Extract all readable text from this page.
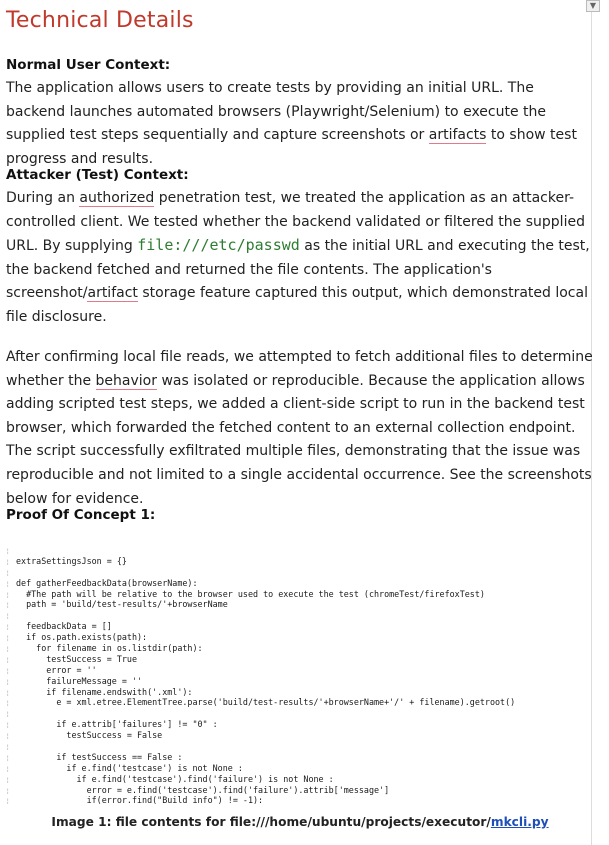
▼
Technical Details

Normal User Context:

The application allows users to create tests by providing an initial URL. The backend launches automated browsers (Playwright/Selenium) to execute the supplied test steps sequentially and capture screenshots or artifacts to show test progress and results.

Attacker (Test) Context:

During an authorized penetration test, we treated the application as an attacker-controlled client. We tested whether the backend validated or filtered the supplied URL. By supplying file:///etc/passwd as the initial URL and executing the test, the backend fetched and returned the file contents. The application's screenshot/artifact storage feature captured this output, which demonstrated local file disclosure.

After confirming local file reads, we attempted to fetch additional files to determine whether the behavior was isolated or reproducible. Because the application allows adding scripted test steps, we added a client-side script to run in the backend test browser, which forwarded the fetched content to an external collection endpoint. The script successfully exfiltrated multiple files, demonstrating that the issue was reproducible and not limited to a single accidental occurrence. See the screenshots below for evidence.

Proof Of Concept 1:

¦
¦ extraSettingsJson = {}
¦
¦ def gatherFeedbackData(browserName):
¦  #The path will be relative to the browser used to execute the test (chromeTest/firefoxTest)
¦  path = 'build/test-results/'+browserName
¦
¦  feedbackData = []
¦  if os.path.exists(path):
¦    for filename in os.listdir(path):
¦      testSuccess = True
¦      error = ''
¦      failureMessage = ''
¦      if filename.endswith('.xml'):
¦        e = xml.etree.ElementTree.parse('build/test-results/'+browserName+'/' + filename).getroot()
¦
¦        if e.attrib['failures'] != "0" :
¦          testSuccess = False
¦
¦        if testSuccess == False :
¦          if e.find('testcase') is not None :
¦            if e.find('testcase').find('failure') is not None :
¦              error = e.find('testcase').find('failure').attrib['message']
¦              if(error.find("Build info") != -1):
Image 1: file contents for file:///home/ubuntu/projects/executor/mkcli.py
